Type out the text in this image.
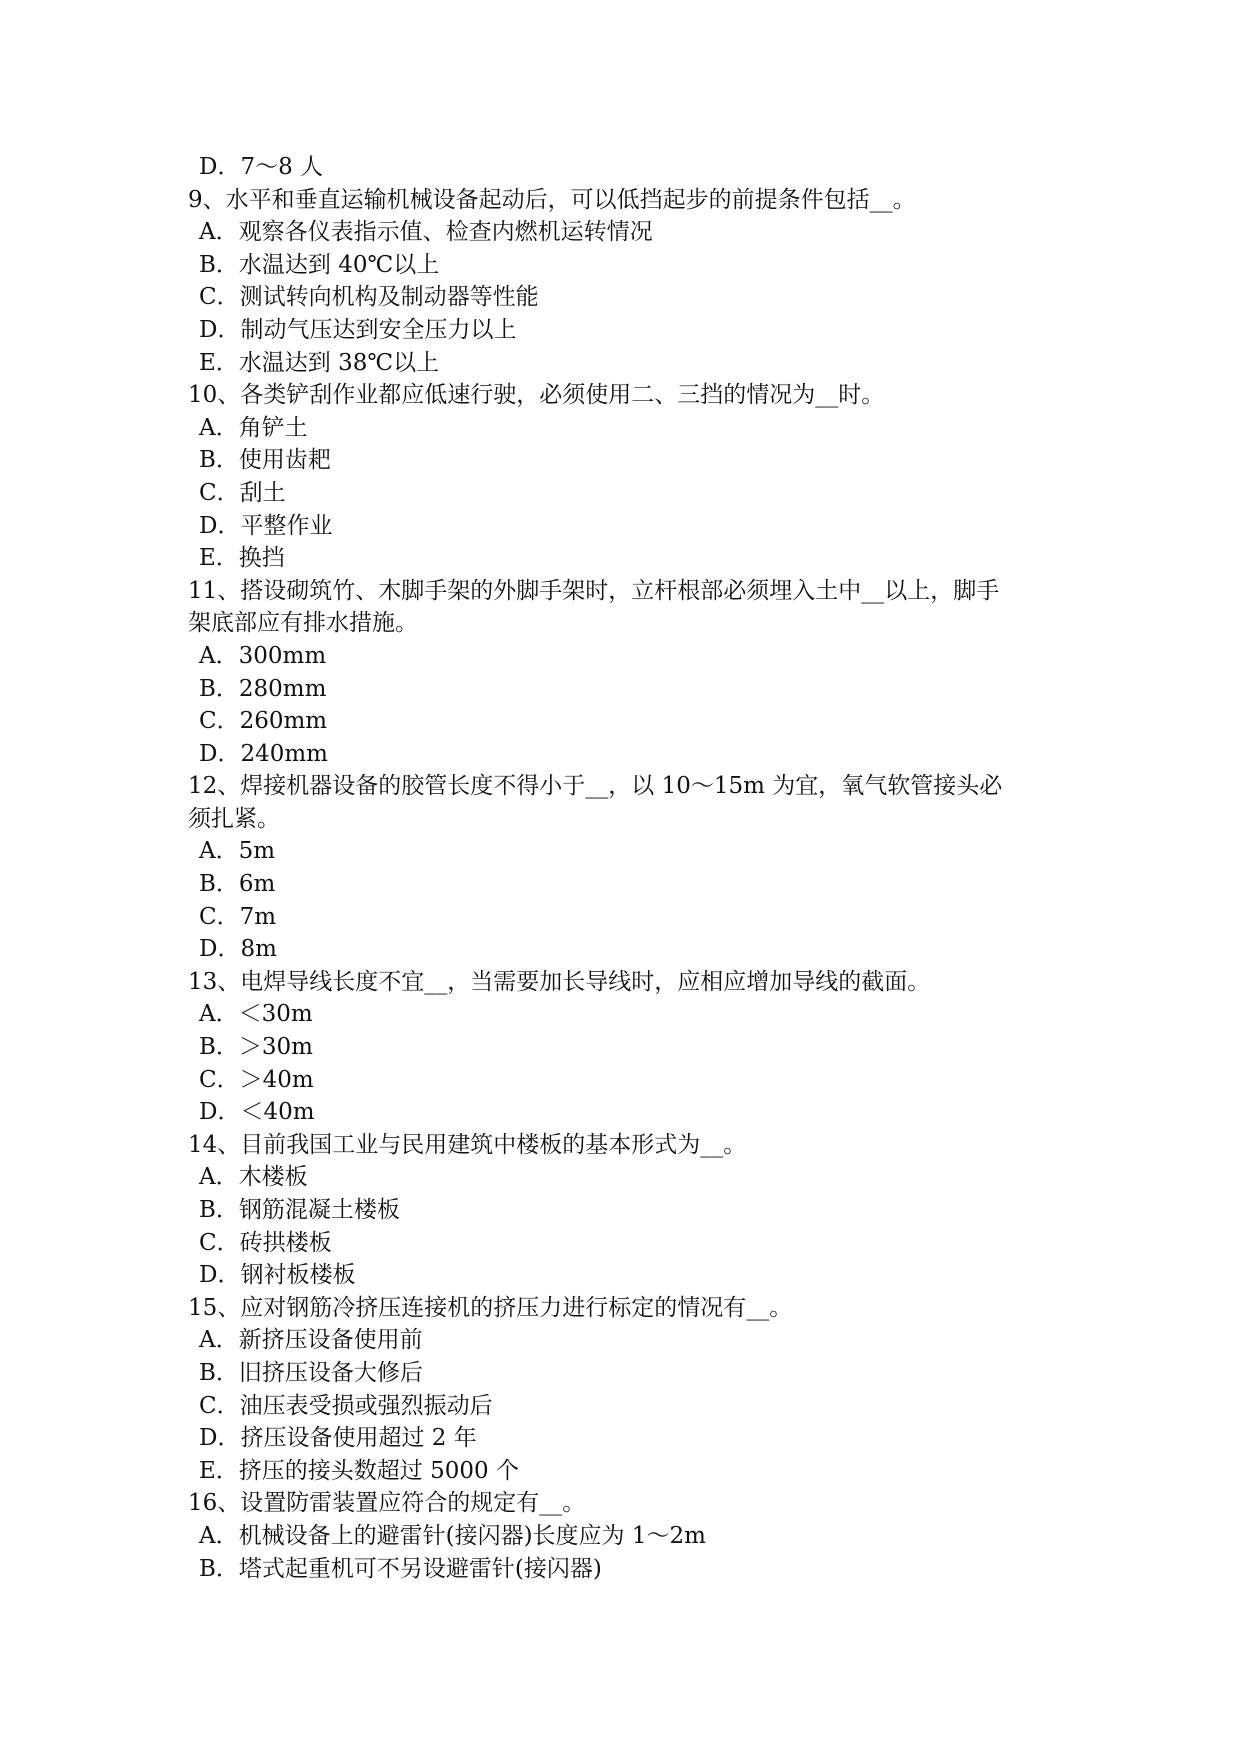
D．7～8 人
9、水平和垂直运输机械设备起动后，可以低挡起步的前提条件包括__。
A．观察各仪表指示值、检查内燃机运转情况
B．水温达到 40℃以上
C．测试转向机构及制动器等性能
D．制动气压达到安全压力以上
E．水温达到 38℃以上
10、各类铲刮作业都应低速行驶，必须使用二、三挡的情况为__时。
A．角铲土
B．使用齿耙
C．刮土
D．平整作业
E．换挡
11、搭设砌筑竹、木脚手架的外脚手架时，立杆根部必须埋入土中__以上，脚手
架底部应有排水措施。
A．300mm
B．280mm
C．260mm
D．240mm
12、焊接机器设备的胶管长度不得小于__，以 10～15m 为宜，氧气软管接头必
须扎紧。
A．5m
B．6m
C．7m
D．8m
13、电焊导线长度不宜__，当需要加长导线时，应相应增加导线的截面。
A．＜30m
B．＞30m
C．＞40m
D．＜40m
14、目前我国工业与民用建筑中楼板的基本形式为__。
A．木楼板
B．钢筋混凝土楼板
C．砖拱楼板
D．钢衬板楼板
15、应对钢筋冷挤压连接机的挤压力进行标定的情况有__。
A．新挤压设备使用前
B．旧挤压设备大修后
C．油压表受损或强烈振动后
D．挤压设备使用超过 2 年
E．挤压的接头数超过 5000 个
16、设置防雷装置应符合的规定有__。
A．机械设备上的避雷针(接闪器)长度应为 1～2m
B．塔式起重机可不另设避雷针(接闪器)
